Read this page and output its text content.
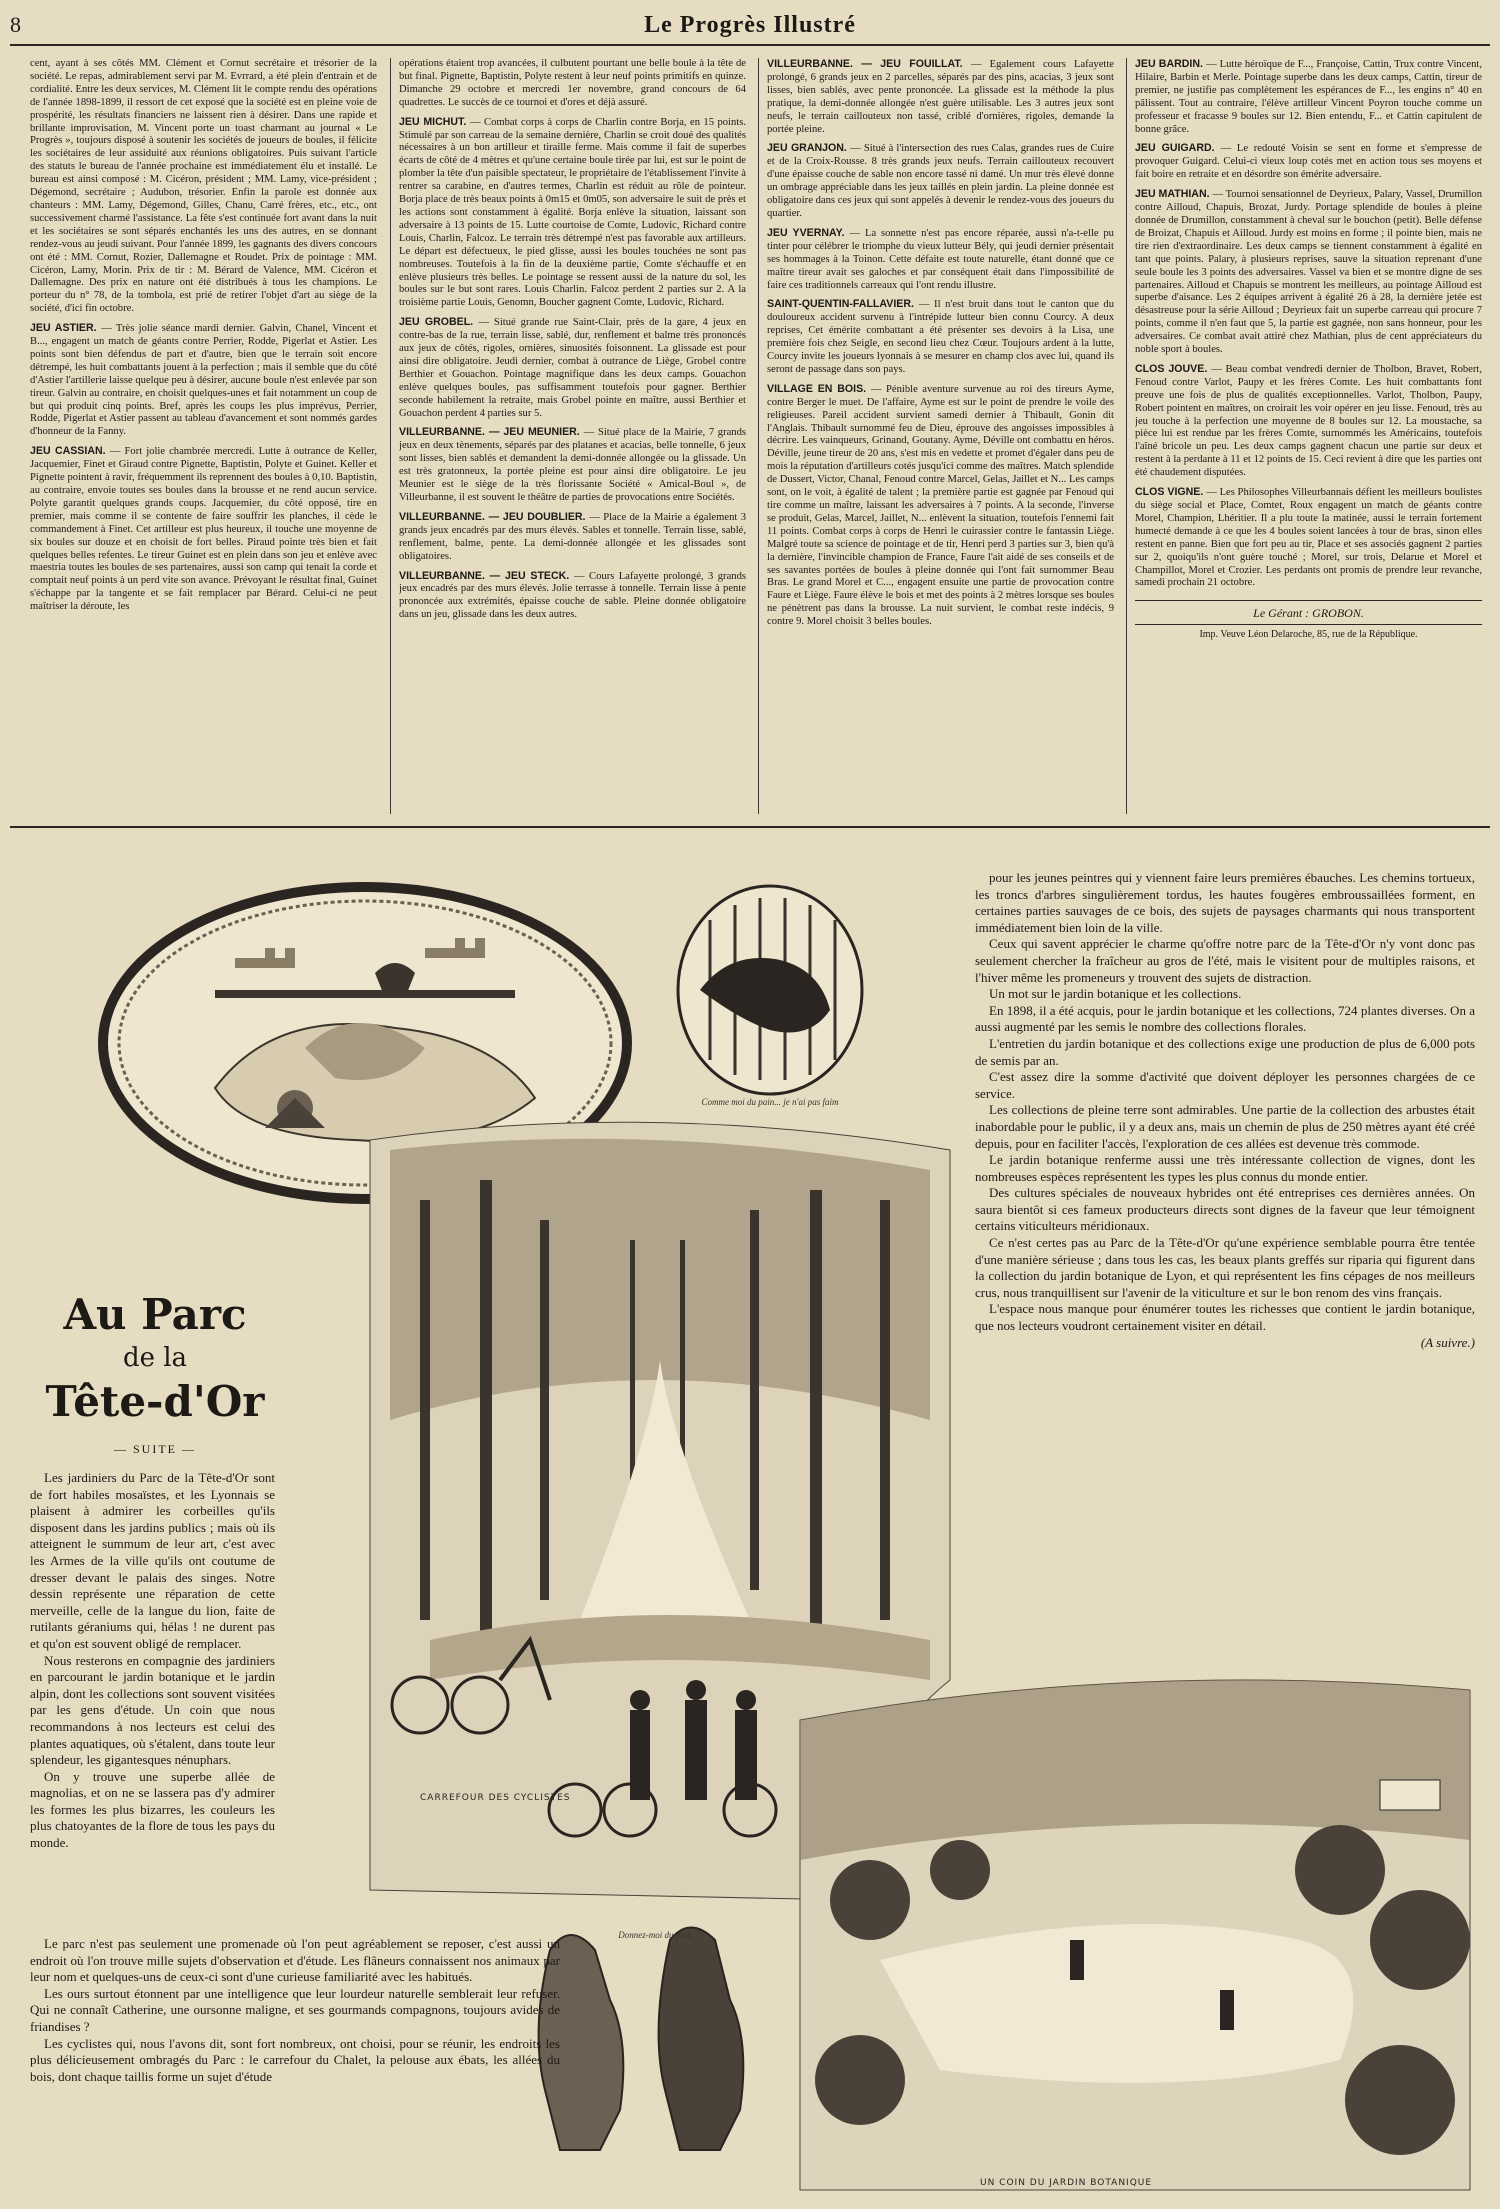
8	Le Progrès Illustré

cent, ayant à ses côtés MM. Clément et Cornut secrétaire et trésorier de la société. Le repas, admirablement servi par M. Evrrard, a été plein d'entrain et de cordialité. Entre les deux services, M. Clément lit le compte rendu des opérations de l'année 1898-1899, il ressort de cet exposé que la société est en pleine voie de prospérité, les résultats financiers ne laissent rien à désirer. Dans une rapide et brillante improvisation, M. Vincent porte un toast charmant au journal « Le Progrès », toujours disposé à soutenir les sociétés de joueurs de boules, il félicite les sociétaires de leur assiduité aux réunions obligatoires. Puis suivant l'article des statuts le bureau de l'année prochaine est immédiatement élu et installé. Le bureau est ainsi composé : M. Cicéron, président ; MM. Lamy, vice-président ; Dégemond, secrétaire ; Audubon, trésorier. Enfin la parole est donnée aux chanteurs : MM. Lamy, Dégemond, Gilles, Chanu, Carré frères, etc., etc., ont successivement charmé l'assistance. La fête s'est continuée fort avant dans la nuit et les sociétaires se sont séparés enchantés les uns des autres, en se donnant rendez-vous au jeudi suivant. Pour l'année 1899, les gagnants des divers concours ont été : MM. Cornut, Rozier, Dallemagne et Roudet. Prix de pointage : MM. Cicéron, Lamy, Morin. Prix de tir : M. Bérard de Valence, MM. Cicéron et Dallemagne. Des prix en nature ont été distribués à tous les champions. Le porteur du n° 78, de la tombola, est prié de retirer l'objet d'art au siège de la société, d'ici fin octobre.

JEU ASTIER. — Très jolie séance mardi dernier. Galvin, Chanel, Vincent et B..., engagent un match de géants contre Perrier, Rodde, Pigerlat et Astier. Les points sont bien défendus de part et d'autre, bien que le terrain soit encore détrempé, les huit combattants jouent à la perfection ; mais il semble que du côté d'Astier l'artillerie laisse quelque peu à désirer, aucune boule n'est enlevée par son tireur. Galvin au contraire, en choisit quelques-unes et fait notamment un coup de but qui produit cinq points. Bref, après les coups les plus imprévus, Perrier, Rodde, Pigerlat et Astier passent au tableau d'avancement et sont nommés gardes d'honneur de la Fanny.

JEU CASSIAN. — Fort jolie chambrée mercredi. Lutte à outrance de Keller, Jacquemier, Finet et Giraud contre Pignette, Baptistin, Polyte et Guinet. Keller et Pignette pointent à ravir, fréquemment ils reprennent des boules à 0,10. Baptistin, au contraire, envoie toutes ses boules dans la brousse et ne rend aucun service. Polyte garantit quelques grands coups. Jacquemier, du côté opposé, tire en premier, mais comme il se contente de faire souffrir les planches, il cède le commandement à Finet. Cet artilleur est plus heureux, il touche une moyenne de six boules sur douze et en choisit de fort belles. Piraud pointe très bien et fait quelques belles refentes. Le tireur Guinet est en plein dans son jeu et enlève avec maestria toutes les boules de ses partenaires, aussi son camp qui tenait la corde et comptait neuf points à un perd vite son avance. Prévoyant le résultat final, Guinet s'échappe par la tangente et se fait remplacer par Bérard. Celui-ci ne peut maîtriser la déroute, les

opérations étaient trop avancées, il culbutent pourtant une belle boule à la tête de but final. Pignette, Baptistin, Polyte restent à leur neuf points primitifs en quinze. Dimanche 29 octobre et mercredi 1er novembre, grand concours de 64 quadrettes. Le succès de ce tournoi et d'ores et déjà assuré.

JEU MICHUT. — Combat corps à corps de Charlin contre Borja, en 15 points. Stimulé par son carreau de la semaine dernière, Charlin se croit doué des qualités nécessaires à un bon artilleur et tiraille ferme. Mais comme il fait de superbes écarts de côté de 4 mètres et qu'une certaine boule tirée par lui, est sur le point de plomber la tête d'un paisible spectateur, le propriétaire de l'établissement l'invite à rentrer sa carabine, en d'autres termes, Charlin est réduit au rôle de pointeur. Borja place de très beaux points à 0m15 et 0m05, son adversaire le suit de près et les actions sont constamment à égalité. Borja enlève la situation, laissant son adversaire à 13 points de 15. Lutte courtoise de Comte, Ludovic, Richard contre Louis, Charlin, Falcoz. Le terrain très détrempé n'est pas favorable aux artilleurs. Le départ est défectueux, le pied glisse, aussi les boules touchées ne sont pas nombreuses. Toutefois à la fin de la deuxième partie, Comte s'échauffe et en enlève plusieurs très belles. Le pointage se ressent aussi de la nature du sol, les boules sur le but sont rares. Louis Charlin. Falcoz perdent 2 parties sur 2. A la troisième partie Louis, Genomn, Boucher gagnent Comte, Ludovic, Richard.

JEU GROBEL. — Situé grande rue Saint-Clair, près de la gare, 4 jeux en contre-bas de la rue, terrain lisse, sablé, dur, renflement et balme très prononcés aux jeux de côtés, rigoles, ornières, sinuosités foisonnent. La glissade est pour ainsi dire obligatoire. Jeudi dernier, combat à outrance de Liège, Grobel contre Berthier et Gouachon. Pointage magnifique dans les deux camps. Gouachon enlève quelques boules, pas suffisamment toutefois pour gagner. Berthier seconde habilement la retraite, mais Grobel pointe en maître, aussi Berthier et Gouachon perdent 4 parties sur 5.

VILLEURBANNE. — JEU MEUNIER. — Situé place de la Mairie, 7 grands jeux en deux tènements, séparés par des platanes et acacias, belle tonnelle, 6 jeux sont lisses, bien sablés et demandent la demi-donnée allongée ou la glissade. Un est très gratonneux, la portée pleine est pour ainsi dire obligatoire. Le jeu Meunier est le siège de la très florissante Société « Amical-Boul », de Villeurbanne, il est souvent le théâtre de parties de provocations entre Sociétés.

VILLEURBANNE. — JEU DOUBLIER. — Place de la Mairie a également 3 grands jeux encadrés par des murs élevés. Sables et tonnelle. Terrain lisse, sablé, renflement, balme, pente. La demi-donnée allongée et les glissades sont obligatoires.

VILLEURBANNE. — JEU STECK. — Cours Lafayette prolongé, 3 grands jeux encadrés par des murs élevés. Jolie terrasse à tonnelle. Terrain lisse à pente prononcée aux extrémités, épaisse couche de sable. Pleine donnée obligatoire dans un jeu, glissade dans les deux autres.

VILLEURBANNE. — JEU FOUILLAT. — Egalement cours Lafayette prolongé, 6 grands jeux en 2 parcelles, séparés par des pins, acacias, 3 jeux sont lisses, bien sablés, avec pente prononcée. La glissade est la méthode la plus pratique, la demi-donnée allongée n'est guère utilisable. Les 3 autres jeux sont neufs, le terrain caillouteux non tassé, criblé d'ornières, rigoles, demande la portée pleine.

JEU GRANJON. — Situé à l'intersection des rues Calas, grandes rues de Cuire et de la Croix-Rousse. 8 très grands jeux neufs. Terrain caillouteux recouvert d'une épaisse couche de sable non encore tassé ni damé. Un mur très élevé donne un ombrage appréciable dans les jeux taillés en plein jardin. La pleine donnée est obligatoire dans ces jeux qui sont appelés à devenir le rendez-vous des joueurs du quartier.

JEU YVERNAY. — La sonnette n'est pas encore réparée, aussi n'a-t-elle pu tinter pour célébrer le triomphe du vieux lutteur Bély, qui jeudi dernier présentait ses hommages à la Toinon. Cette défaite est toute naturelle, étant donné que ce maître tireur avait ses galoches et par conséquent était dans l'impossibilité de faire ces traditionnels carreaux qui l'ont rendu illustre.

SAINT-QUENTIN-FALLAVIER. — Il n'est bruit dans tout le canton que du douloureux accident survenu à l'intrépide lutteur bien connu Courcy. A deux reprises, Cet émérite combattant a été présenter ses devoirs à la Lisa, une première fois chez Seigle, en second lieu chez Cœur. Toujours ardent à la lutte, Courcy invite les joueurs lyonnais à se mesurer en champ clos avec lui, quand ils seront de passage dans son pays.

VILLAGE EN BOIS. — Pénible aventure survenue au roi des tireurs Ayme, contre Berger le muet. De l'affaire, Ayme est sur le point de prendre le voile des religieuses. Pareil accident survient samedi dernier à Thibault, Gonin dit l'Anglais. Thibault surnommé feu de Dieu, éprouve des angoisses impossibles à décrire. Les vainqueurs, Grinand, Goutany. Ayme, Déville ont combattu en héros. Déville, jeune tireur de 20 ans, s'est mis en vedette et promet d'égaler dans peu de mois la réputation d'artilleurs cotés jusqu'ici comme des maîtres. Match splendide de Dussert, Victor, Chanal, Fenoud contre Marcel, Gelas, Jaillet et N... Les camps sont, on le voit, à égalité de talent ; la première partie est gagnée par Fenoud qui tire comme un maître, laissant les adversaires à 7 points. A la seconde, l'inverse se produit, Gelas, Marcel, Jaillet, N... enlèvent la situation, toutefois l'ennemi fait 11 points. Combat corps à corps de Henri le cuirassier contre le fantassin Liège. Malgré toute sa science de pointage et de tir, Henri perd 3 parties sur 3, bien qu'à la dernière, l'invincible champion de France, Faure l'ait aidé de ses conseils et de ses savantes portées de boules à pleine donnée qui l'ont fait surnommer Beau Bras. Le grand Morel et C..., engagent ensuite une partie de provocation contre Faure et Liège. Faure élève le bois et met des points à 2 mètres lorsque ses boules ne pénètrent pas dans la brousse. La nuit survient, le combat reste indécis, 9 contre 9. Morel choisit 3 belles boules.

JEU BARDIN. — Lutte héroïque de F..., Françoise, Cattin, Trux contre Vincent, Hilaire, Barbin et Merle. Pointage superbe dans les deux camps, Cattin, tireur de premier, ne justifie pas complètement les espérances de F..., les engins n° 40 en pâlissent. Tout au contraire, l'élève artilleur Vincent Poyron touche comme un professeur et fracasse 9 boules sur 12. Bien entendu, F... et Cattin capitulent de bonne grâce.

JEU GUIGARD. — Le redouté Voisin se sent en forme et s'empresse de provoquer Guigard. Celui-ci vieux loup cotés met en action tous ses moyens et fait boire en retraite et en désordre son émérite adversaire.

JEU MATHIAN. — Tournoi sensationnel de Deyrieux, Palary, Vassel, Drumillon contre Ailloud, Chapuis, Brozat, Jurdy. Portage splendide de boules à pleine donnée de Drumillon, constamment à cheval sur le bouchon (petit). Belle défense de Broizat, Chapuis et Ailloud. Jurdy est moins en forme ; il pointe bien, mais ne tire rien d'extraordinaire. Les deux camps se tiennent constamment à égalité en tant que points. Palary, à plusieurs reprises, sauve la situation reprenant d'une seule boule les 3 points des adversaires. Vassel va bien et se montre digne de ses partenaires. Ailloud et Chapuis se montrent les meilleurs, au pointage Ailloud est superbe d'aisance. Les 2 équipes arrivent à égalité 26 à 28, la dernière jetée est désastreuse pour la série Ailloud ; Deyrieux fait un superbe carreau qui procure 7 points, comme il n'en faut que 5, la partie est gagnée, non sans honneur, pour les adversaires. Ce combat avait attiré chez Mathian, plus de cent appréciateurs du noble sport à boules.

CLOS JOUVE. — Beau combat vendredi dernier de Tholbon, Bravet, Robert, Fenoud contre Varlot, Paupy et les frères Comte. Les huit combattants font preuve une fois de plus de qualités exceptionnelles. Varlot, Tholbon, Paupy, Robert pointent en maîtres, on croirait les voir opérer en jeu lisse. Fenoud, très au jeu touche à la perfection une moyenne de 8 boules sur 12. La moustache, sa pièce lui est rendue par les frères Comte, surnommés les Américains, toutefois l'aîné bricole un peu. Les deux camps gagnent chacun une partie sur deux et restent à la perdante à 11 et 12 points de 15. Ceci revient à dire que les parties ont été chaudement disputées.

CLOS VIGNE. — Les Philosophes Villeurbannais défient les meilleurs boulistes du siège social et Place, Comtet, Roux engagent un match de géants contre Morel, Champion, Lhéritier. Il a plu toute la matinée, aussi le terrain fortement humecté demande à ce que les 4 boules soient lancées à tour de bras, sinon elles restent en panne. Bien que fort peu au tir, Place et ses associés gagnent 2 parties sur 2, quoiqu'ils n'ont guère touché ; Morel, sur trois, Delarue et Morel et Champillot, Morel et Crozier. Les perdants ont promis de prendre leur revanche, samedi prochain 21 octobre.

Le Gérant : GROBON.
Imp. Veuve Léon Delaroche, 85, rue de la République.
Comme moi du pain... je n'ai pas faim
Au Parc
de la
Tête-d'Or
— SUITE —
CARREFOUR DES CYCLISTES
Donnez-moi du pain
UN COIN DU JARDIN BOTANIQUE

Les jardiniers du Parc de la Tête-d'Or sont de fort habiles mosaïstes, et les Lyonnais se plaisent à admirer les corbeilles qu'ils disposent dans les jardins publics ; mais où ils atteignent le summum de leur art, c'est avec les Armes de la ville qu'ils ont coutume de dresser devant le palais des singes. Notre dessin représente une réparation de cette merveille, celle de la langue du lion, faite de rutilants géraniums qui, hélas ! ne durent pas et qu'on est souvent obligé de remplacer.

Nous resterons en compagnie des jardiniers en parcourant le jardin botanique et le jardin alpin, dont les collections sont souvent visitées par les gens d'étude. Un coin que nous recommandons à nos lecteurs est celui des plantes aquatiques, où s'étalent, dans toute leur splendeur, les gigantesques nénuphars.

On y trouve une superbe allée de magnolias, et on ne se lassera pas d'y admirer les formes les plus bizarres, les couleurs les plus chatoyantes de la flore de tous les pays du monde.

Le parc n'est pas seulement une promenade où l'on peut agréablement se reposer, c'est aussi un endroit où l'on trouve mille sujets d'observation et d'étude. Les flâneurs connaissent nos animaux par leur nom et quelques-uns de ceux-ci sont d'une curieuse familiarité avec les habitués.

Les ours surtout étonnent par une intelligence que leur lourdeur naturelle semblerait leur refuser. Qui ne connaît Catherine, une oursonne maligne, et ses gourmands compagnons, toujours avides de friandises ?

Les cyclistes qui, nous l'avons dit, sont fort nombreux, ont choisi, pour se réunir, les endroits les plus délicieusement ombragés du Parc : le carrefour du Chalet, la pelouse aux ébats, les allées du bois, dont chaque taillis forme un sujet d'étude

pour les jeunes peintres qui y viennent faire leurs premières ébauches. Les chemins tortueux, les troncs d'arbres singulièrement tordus, les hautes fougères embroussaillées forment, en certaines parties sauvages de ce bois, des sujets de paysages charmants qui nous transportent immédiatement bien loin de la ville.

Ceux qui savent apprécier le charme qu'offre notre parc de la Tête-d'Or n'y vont donc pas seulement chercher la fraîcheur au gros de l'été, mais le visitent pour de multiples raisons, et l'hiver même les promeneurs y trouvent des sujets de distraction.

Un mot sur le jardin botanique et les collections.

En 1898, il a été acquis, pour le jardin botanique et les collections, 724 plantes diverses. On a aussi augmenté par les semis le nombre des collections florales.

L'entretien du jardin botanique et des collections exige une production de plus de 6,000 pots de semis par an.

C'est assez dire la somme d'activité que doivent déployer les personnes chargées de ce service.

Les collections de pleine terre sont admirables. Une partie de la collection des arbustes était inabordable pour le public, il y a deux ans, mais un chemin de plus de 250 mètres ayant été créé depuis, pour en faciliter l'accès, l'exploration de ces allées est devenue très commode.

Le jardin botanique renferme aussi une très intéressante collection de vignes, dont les nombreuses espèces représentent les types les plus connus du monde entier.

Des cultures spéciales de nouveaux hybrides ont été entreprises ces dernières années. On saura bientôt si ces fameux producteurs directs sont dignes de la faveur que leur témoignent certains viticulteurs méridionaux.

Ce n'est certes pas au Parc de la Tête-d'Or qu'une expérience semblable pourra être tentée d'une manière sérieuse ; dans tous les cas, les beaux plants greffés sur riparia qui figurent dans la collection du jardin botanique de Lyon, et qui représentent les fins cépages de nos meilleurs crus, nous tranquillisent sur l'avenir de la viticulture et sur le bon renom des vins français.

L'espace nous manque pour énumérer toutes les richesses que contient le jardin botanique, que nos lecteurs voudront certainement visiter en détail.

(A suivre.)
